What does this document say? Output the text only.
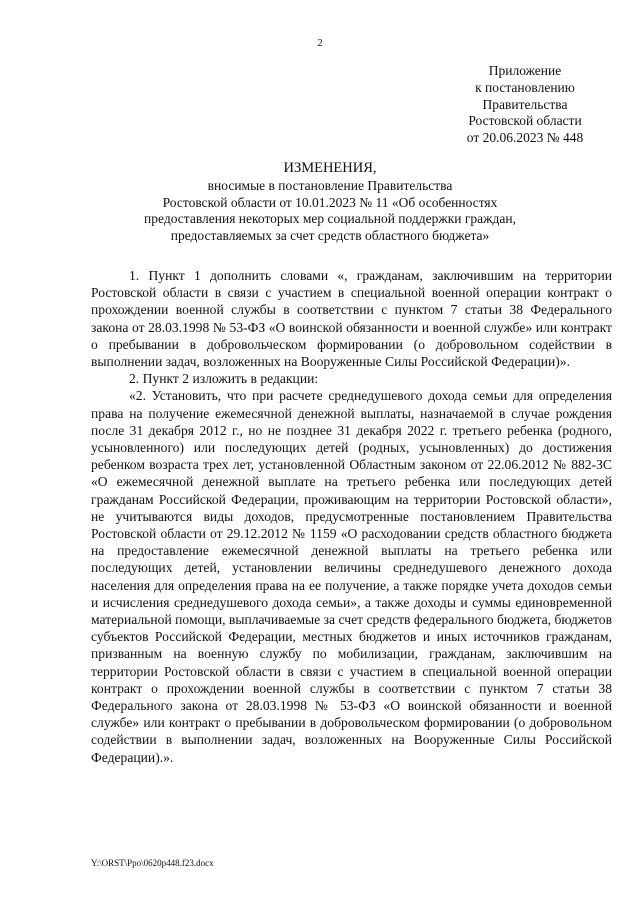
2
Приложение
к постановлению
Правительства
Ростовской области
от 20.06.2023 № 448
ИЗМЕНЕНИЯ,
вносимые в постановление Правительства
Ростовской области от 10.01.2023 № 11 «Об особенностях
предоставления некоторых мер социальной поддержки граждан,
предоставляемых за счет средств областного бюджета»

1. Пункт 1 дополнить словами «, гражданам, заключившим на территории Ростовской области в связи с участием в специальной военной операции контракт о прохождении военной службы в соответствии с пунктом 7 статьи 38 Федерального закона от 28.03.1998 № 53-ФЗ «О воинской обязанности и военной службе» или контракт о пребывании в добровольческом формировании (о добровольном содействии в выполнении задач, возложенных на Вооруженные Силы Российской Федерации)».

2. Пункт 2 изложить в редакции:

«2. Установить, что при расчете среднедушевого дохода семьи для определения права на получение ежемесячной денежной выплаты, назначаемой в случае рождения после 31 декабря 2012 г., но не позднее 31 декабря 2022 г. третьего ребенка (родного, усыновленного) или последующих детей (родных, усыновленных) до достижения ребенком возраста трех лет, установленной Областным законом от 22.06.2012 № 882-ЗС «О ежемесячной денежной выплате на третьего ребенка или последующих детей гражданам Российской Федерации, проживающим на территории Ростовской области», не учитываются виды доходов, предусмотренные постановлением Правительства Ростовской области от 29.12.2012 № 1159 «О расходовании средств областного бюджета на предоставление ежемесячной денежной выплаты на третьего ребенка или последующих детей, установлении величины среднедушевого денежного дохода населения для определения права на ее получение, а также порядке учета доходов семьи и исчисления среднедушевого дохода семьи», а также доходы и суммы единовременной материальной помощи, выплачиваемые за счет средств федерального бюджета, бюджетов субъектов Российской Федерации, местных бюджетов и иных источников гражданам, призванным на военную службу по мобилизации, гражданам, заключившим на территории Ростовской области в связи с участием в специальной военной операции контракт о прохождении военной службы в соответствии с пунктом 7 статьи 38 Федерального закона от 28.03.1998 № 53-ФЗ «О воинской обязанности и военной службе» или контракт о пребывании в добровольческом формировании (о добровольном содействии в выполнении задач, возложенных на Вооруженные Силы Российской Федерации).».

Y:\ORST\Ppo\0620p448.f23.docx
